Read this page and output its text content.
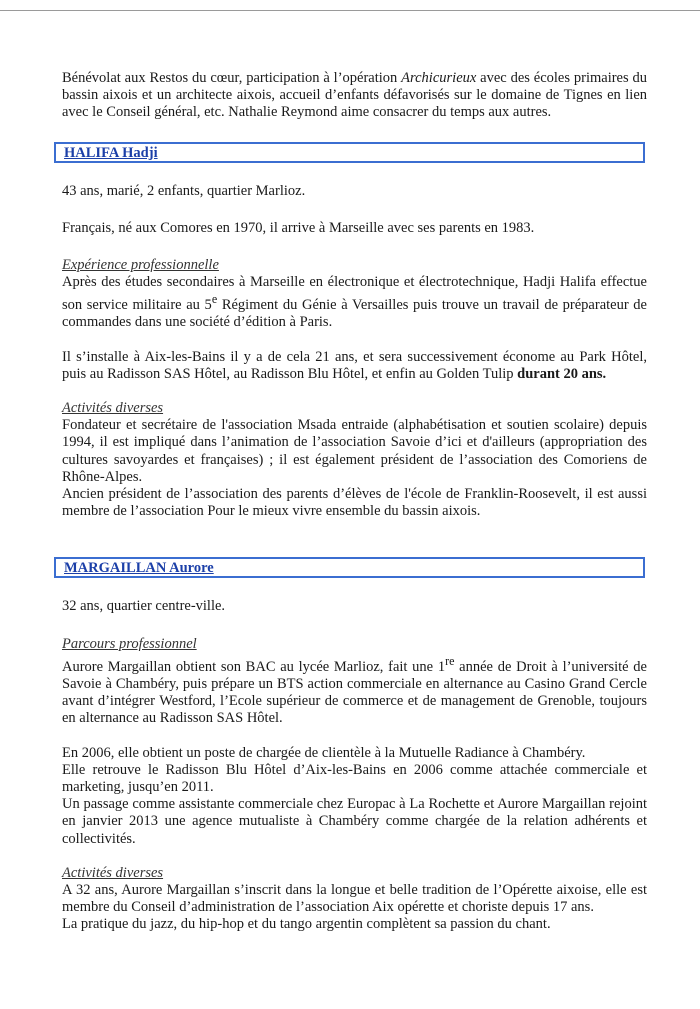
Bénévolat aux Restos du cœur, participation à l’opération Archicurieux avec des écoles primaires du bassin aixois et un architecte aixois, accueil d’enfants défavorisés sur le domaine de Tignes en lien avec le Conseil général, etc. Nathalie Reymond aime consacrer du temps aux autres.

HALIFA Hadji

43 ans, marié, 2 enfants, quartier Marlioz.

Français, né aux Comores en 1970, il arrive à Marseille avec ses parents en 1983.

Expérience professionnelle

Après des études secondaires à Marseille en électronique et électrotechnique, Hadji Halifa effectue son service militaire au 5e Régiment du Génie à Versailles puis trouve un travail de préparateur de commandes dans une société d’édition à Paris.

Il s’installe à Aix-les-Bains il y a de cela 21 ans, et sera successivement économe au Park Hôtel, puis au Radisson SAS Hôtel, au Radisson Blu Hôtel, et enfin au Golden Tulip durant 20 ans.

Activités diverses

Fondateur et secrétaire de l'association Msada entraide (alphabétisation et soutien scolaire) depuis 1994, il est impliqué dans l’animation de l’association Savoie d’ici et d'ailleurs (appropriation des cultures savoyardes et françaises) ; il est également président de l’association des Comoriens de Rhône-Alpes.

Ancien président de l’association des parents d’élèves de l'école de Franklin-Roosevelt, il est aussi membre de l’association Pour le mieux vivre ensemble du bassin aixois.

MARGAILLAN Aurore

32 ans, quartier centre-ville.

Parcours professionnel

Aurore Margaillan obtient son BAC au lycée Marlioz, fait une 1re année de Droit à l’université de Savoie à Chambéry, puis prépare un BTS action commerciale en alternance au Casino Grand Cercle avant d’intégrer Westford, l’Ecole supérieur de commerce et de management de Grenoble, toujours en alternance au Radisson SAS Hôtel.

En 2006, elle obtient un poste de chargée de clientèle à la Mutuelle Radiance à Chambéry.

Elle retrouve le Radisson Blu Hôtel d’Aix-les-Bains en 2006 comme attachée commerciale et marketing, jusqu’en 2011.

Un passage comme assistante commerciale chez Europac à La Rochette et Aurore Margaillan rejoint en janvier 2013 une agence mutualiste à Chambéry comme chargée de la relation adhérents et collectivités.

Activités diverses

A 32 ans, Aurore Margaillan s’inscrit dans la longue et belle tradition de l’Opérette aixoise, elle est membre du Conseil d’administration de l’association Aix opérette et choriste depuis 17 ans.

La pratique du jazz, du hip-hop et du tango argentin complètent sa passion du chant.
